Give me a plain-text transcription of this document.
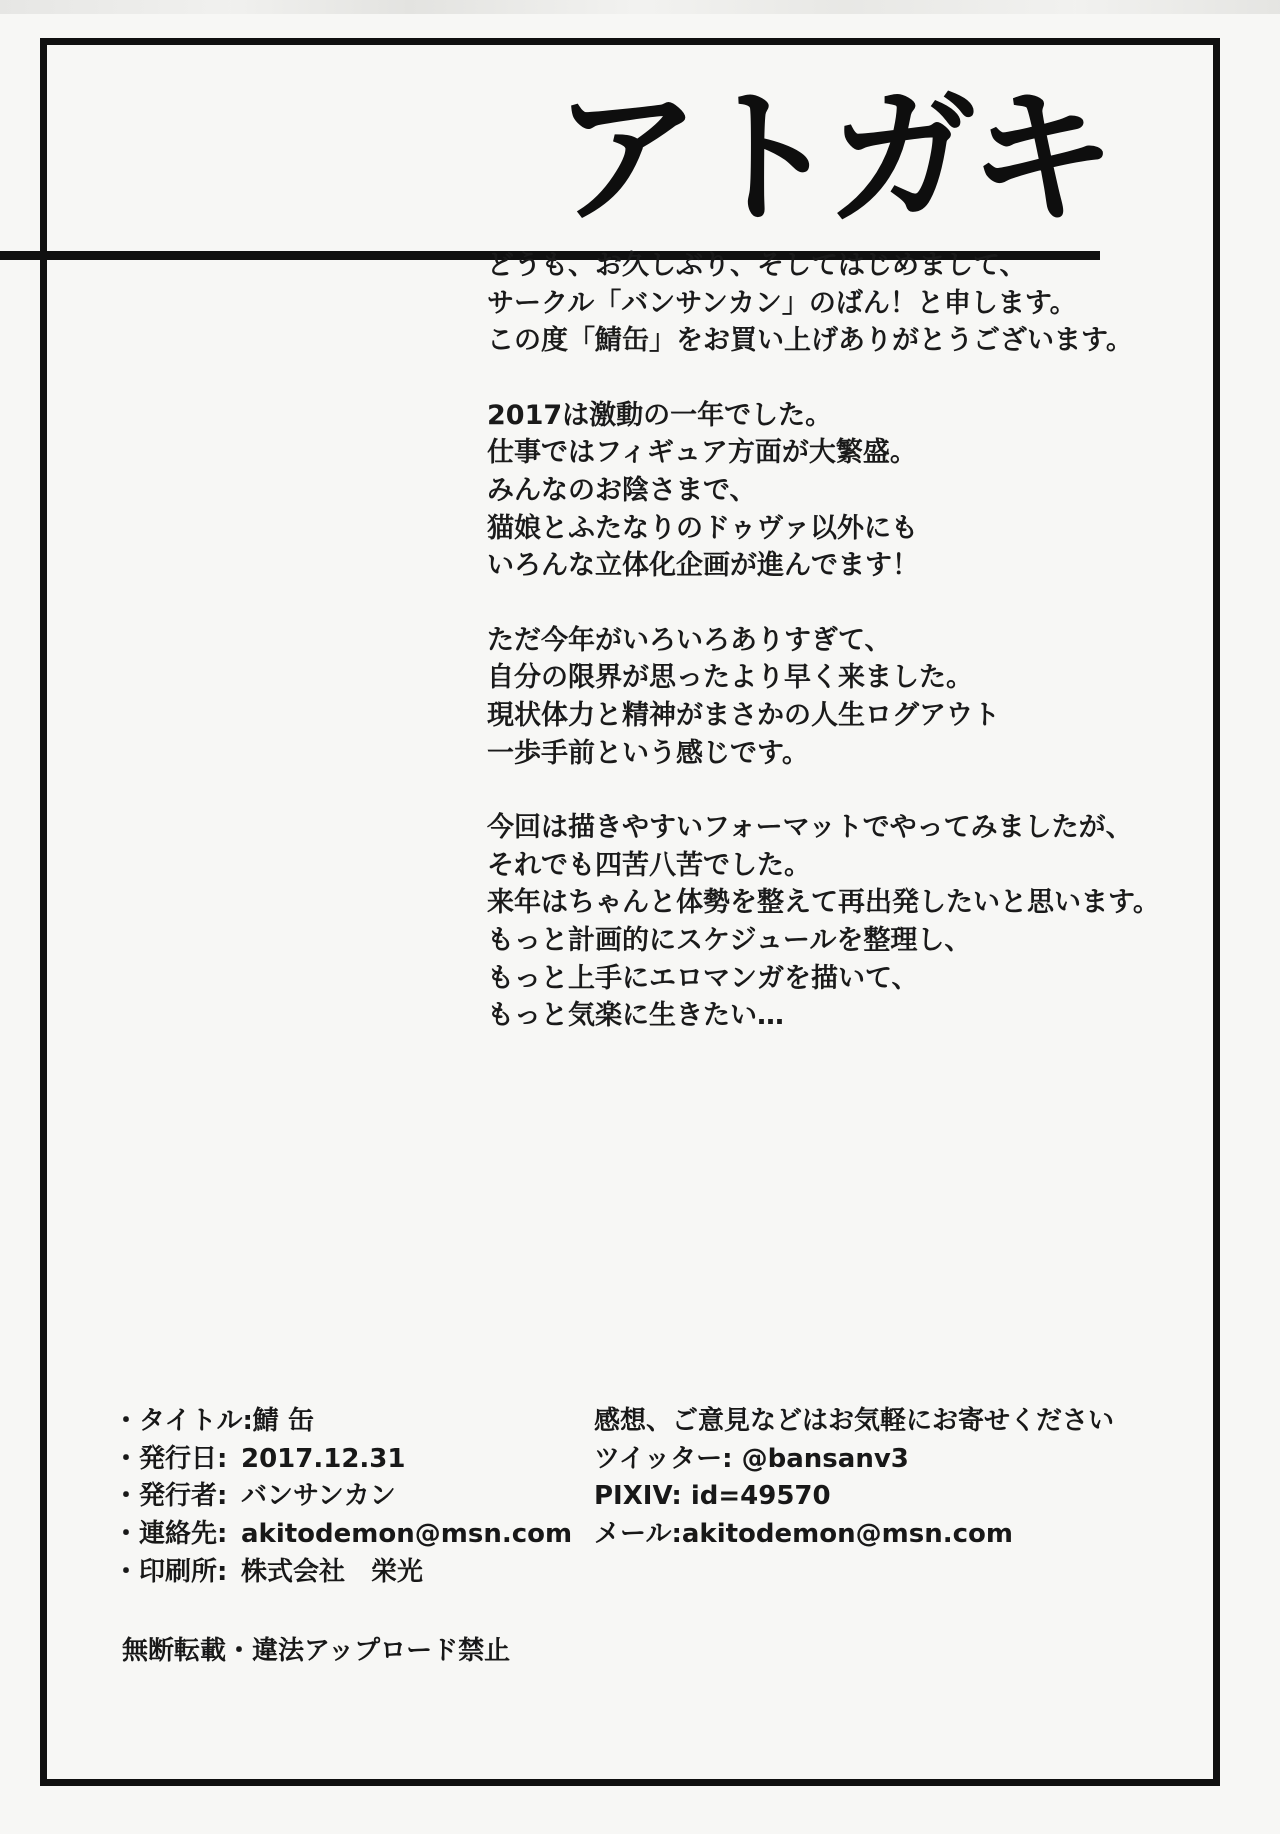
アトガキ

どうも、お久しぶり、そしてはじめまして、
サークル「バンサンカン」のばん！と申します。
この度「鯖缶」をお買い上げありがとうございます。

2017は激動の一年でした。
仕事ではフィギュア方面が大繁盛。
みんなのお陰さまで、
猫娘とふたなりのドゥヴァ以外にも
いろんな立体化企画が進んでます！

ただ今年がいろいろありすぎて、
自分の限界が思ったより早く来ました。
現状体力と精神がまさかの人生ログアウト
一歩手前という感じです。

今回は描きやすいフォーマットでやってみましたが、
それでも四苦八苦でした。
来年はちゃんと体勢を整えて再出発したいと思います。
もっと計画的にスケジュールを整理し、
もっと上手にエロマンガを描いて、
もっと気楽に生きたい…

・タイトル: 鯖 缶
・発行日: 2017.12.31
・発行者: バンサンカン
・連絡先: akitodemon@msn.com
・印刷所: 株式会社　栄光
感想、ご意見などはお気軽にお寄せください
ツイッター: @bansanv3
PIXIV: id=49570
メール:akitodemon@msn.com
無断転載・違法アップロード禁止
